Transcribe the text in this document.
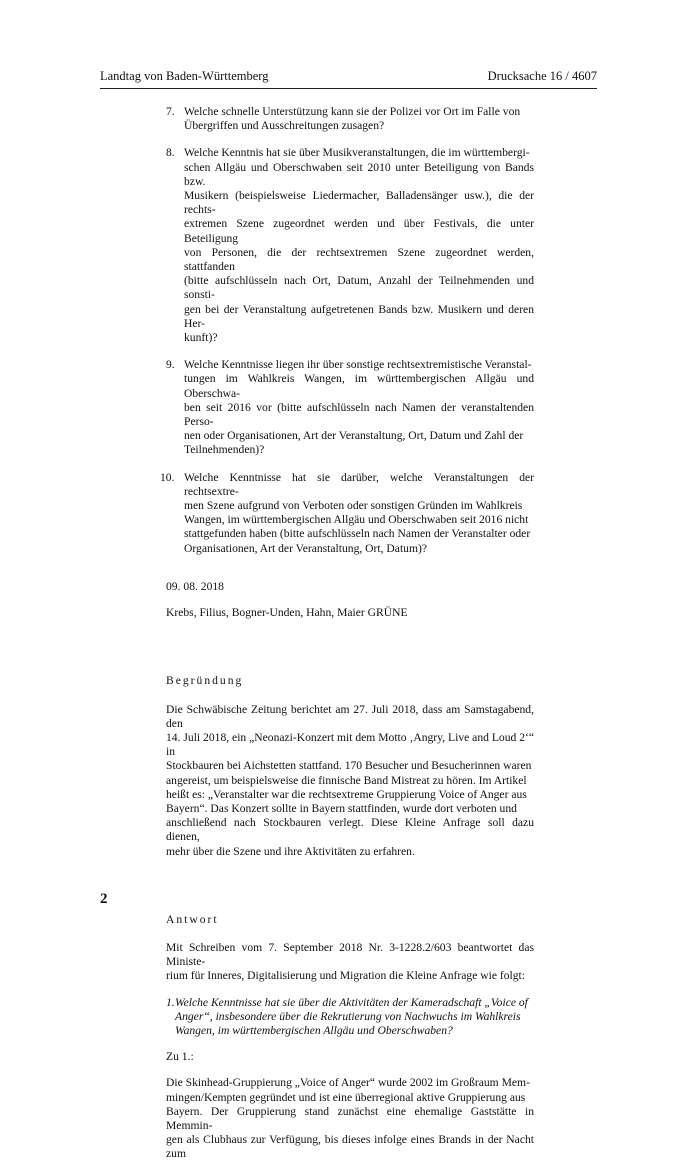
Landtag von Baden-Württemberg	Drucksache 16 / 4607
7. Welche schnelle Unterstützung kann sie der Polizei vor Ort im Falle von
Übergriffen und Ausschreitungen zusagen?
8. Welche Kenntnis hat sie über Musikveranstaltungen, die im württembergi-
schen Allgäu und Oberschwaben seit 2010 unter Beteiligung von Bands bzw.
Musikern (beispielsweise Liedermacher, Balladensänger usw.), die der rechts-
extremen Szene zugeordnet werden und über Festivals, die unter Beteiligung
von Personen, die der rechtsextremen Szene zugeordnet werden, stattfanden
(bitte aufschlüsseln nach Ort, Datum, Anzahl der Teilnehmenden und sonsti-
gen bei der Veranstaltung aufgetretenen Bands bzw. Musikern und deren Her-
kunft)?
9. Welche Kenntnisse liegen ihr über sonstige rechtsextremistische Veranstal-
tungen im Wahlkreis Wangen, im württembergischen Allgäu und Oberschwa-
ben seit 2016 vor (bitte aufschlüsseln nach Namen der veranstaltenden Perso-
nen oder Organisationen, Art der Veranstaltung, Ort, Datum und Zahl der
Teilnehmenden)?
10. Welche Kenntnisse hat sie darüber, welche Veranstaltungen der rechtsextre-
men Szene aufgrund von Verboten oder sonstigen Gründen im Wahlkreis
Wangen, im württembergischen Allgäu und Oberschwaben seit 2016 nicht
stattgefunden haben (bitte aufschlüsseln nach Namen der Veranstalter oder
Organisationen, Art der Veranstaltung, Ort, Datum)?
09. 08. 2018
Krebs, Filius, Bogner-Unden, Hahn, Maier GRÜNE
Begründung
Die Schwäbische Zeitung berichtet am 27. Juli 2018, dass am Samstagabend, den
14. Juli 2018, ein „Neonazi-Konzert mit dem Motto ‚Angry, Live and Loud 2‘“ in
Stockbauren bei Aichstetten stattfand. 170 Besucher und Besucherinnen waren
angereist, um beispielsweise die finnische Band Mistreat zu hören. Im Artikel
heißt es: „Veranstalter war die rechtsextreme Gruppierung Voice of Anger aus
Bayern“. Das Konzert sollte in Bayern stattfinden, wurde dort verboten und
anschließend nach Stockbauren verlegt. Diese Kleine Anfrage soll dazu dienen,
mehr über die Szene und ihre Aktivitäten zu erfahren.
Antwort
Mit Schreiben vom 7. September 2018 Nr. 3-1228.2/603 beantwortet das Ministe-
rium für Inneres, Digitalisierung und Migration die Kleine Anfrage wie folgt:
1. Welche Kenntnisse hat sie über die Aktivitäten der Kameradschaft „Voice of
Anger“, insbesondere über die Rekrutierung von Nachwuchs im Wahlkreis
Wangen, im württembergischen Allgäu und Oberschwaben?
Zu 1.:
Die Skinhead-Gruppierung „Voice of Anger“ wurde 2002 im Großraum Mem-
mingen/Kempten gegründet und ist eine überregional aktive Gruppierung aus
Bayern. Der Gruppierung stand zunächst eine ehemalige Gaststätte in Memmin-
gen als Clubhaus zur Verfügung, bis dieses infolge eines Brands in der Nacht zum
2
